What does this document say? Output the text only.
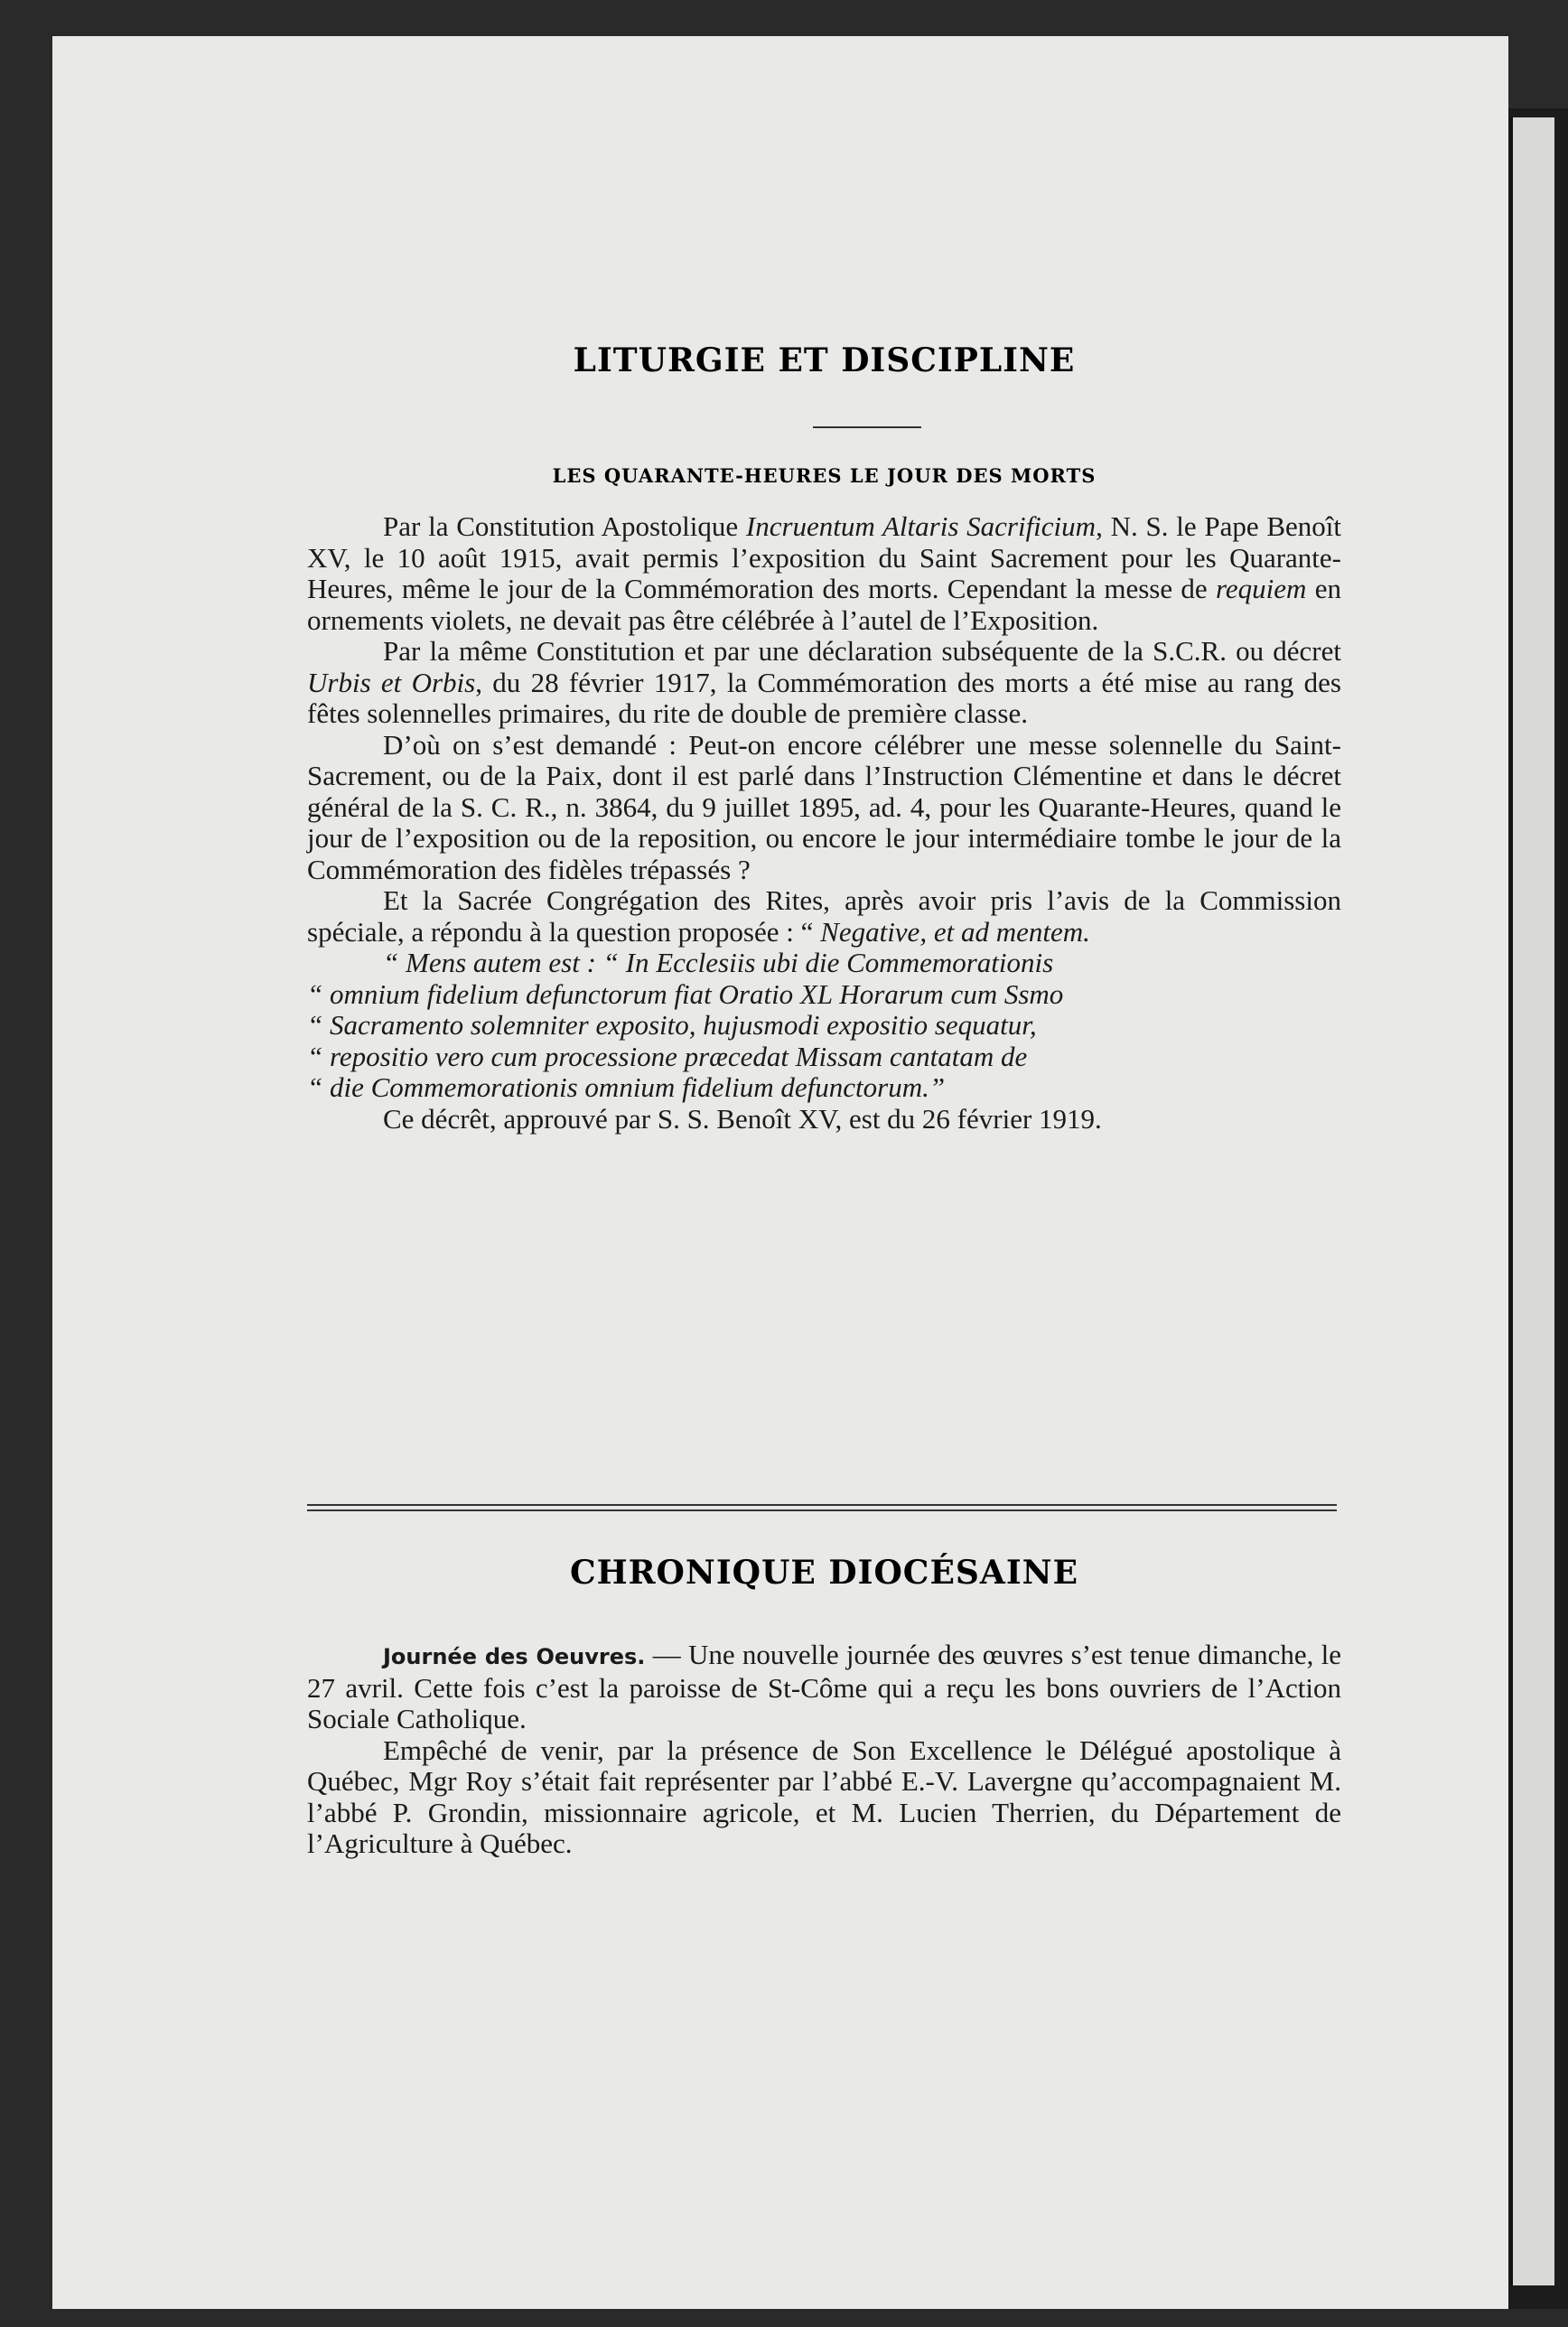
LITURGIE ET DISCIPLINE
LES QUARANTE-HEURES LE JOUR DES MORTS

Par la Constitution Apostolique Incruentum Altaris Sacrificium, N. S. le Pape Benoît XV, le 10 août 1915, avait permis l’exposition du Saint Sacrement pour les Quarante-Heures, même le jour de la Commémoration des morts. Cependant la messe de requiem en ornements violets, ne devait pas être célébrée à l’autel de l’Exposition.

Par la même Constitution et par une déclaration subséquente de la S.C.R. ou décret Urbis et Orbis, du 28 février 1917, la Commémoration des morts a été mise au rang des fêtes solennelles primaires, du rite de double de première classe.

D’où on s’est demandé : Peut-on encore célébrer une messe solennelle du Saint-Sacrement, ou de la Paix, dont il est parlé dans l’Instruction Clémentine et dans le décret général de la S. C. R., n. 3864, du 9 juillet 1895, ad. 4, pour les Quarante-Heures, quand le jour de l’exposition ou de la reposition, ou encore le jour intermédiaire tombe le jour de la Commémoration des fidèles trépassés ?

Et la Sacrée Congrégation des Rites, après avoir pris l’avis de la Commission spéciale, a répondu à la question proposée : “ Negative, et ad mentem.

“ Mens autem est : “ In Ecclesiis ubi die Commemorationis

“ omnium fidelium defunctorum fiat Oratio XL Horarum cum Ssmo

“ Sacramento solemniter exposito, hujusmodi expositio sequatur,

“ repositio vero cum processione præcedat Missam cantatam de

“ die Commemorationis omnium fidelium defunctorum.”

Ce décrêt, approuvé par S. S. Benoît XV, est du 26 février 1919.

CHRONIQUE DIOCÉSAINE

Journée des Oeuvres. — Une nouvelle journée des œuvres s’est tenue dimanche, le 27 avril. Cette fois c’est la paroisse de St-Côme qui a reçu les bons ouvriers de l’Action Sociale Catholique.

Empêché de venir, par la présence de Son Excellence le Délégué apostolique à Québec, Mgr Roy s’était fait représenter par l’abbé E.-V. Lavergne qu’accompagnaient M. l’abbé P. Grondin, missionnaire agricole, et M. Lucien Therrien, du Département de l’Agriculture à Québec.
